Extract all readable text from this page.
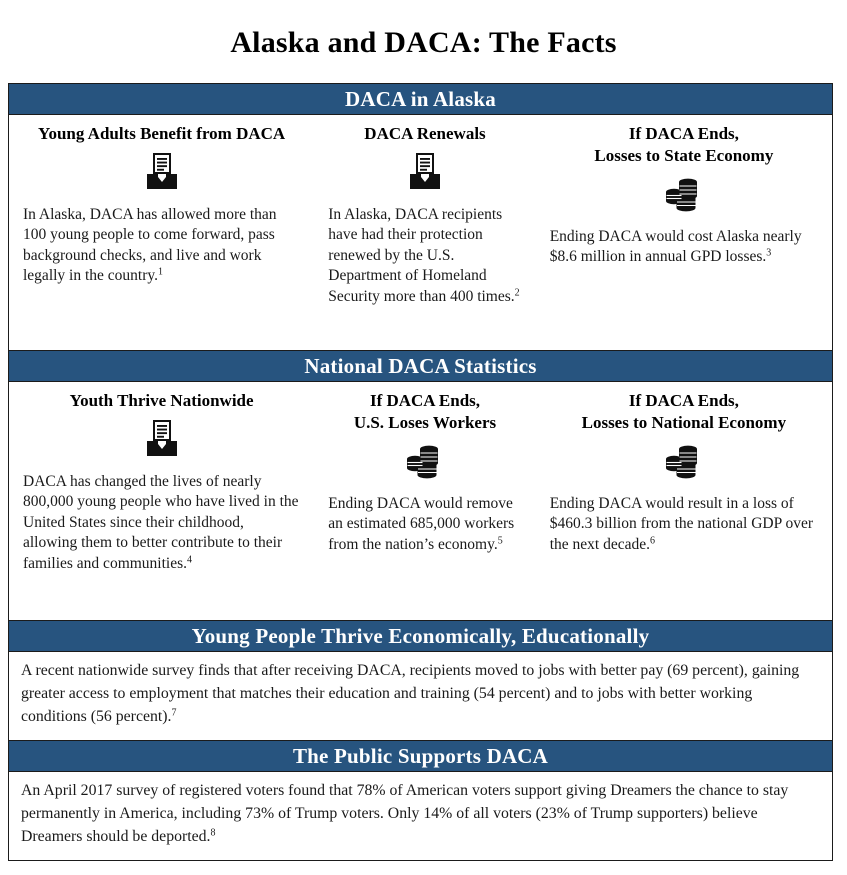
Alaska and DACA: The Facts
DACA in Alaska
Young Adults Benefit from DACA
In Alaska, DACA has allowed more than 100 young people to come forward, pass background checks, and live and work legally in the country.$^1$
DACA Renewals
In Alaska, DACA recipients have had their protection renewed by the U.S. Department of Homeland Security more than 400 times.$^2$
If DACA Ends,
Losses to State Economy
Ending DACA would cost Alaska nearly $8.6 million in annual GPD losses.$^3$
National DACA Statistics
Youth Thrive Nationwide
DACA has changed the lives of nearly 800,000 young people who have lived in the United States since their childhood, allowing them to better contribute to their families and communities.$^4$
If DACA Ends,
U.S. Loses Workers
Ending DACA would remove an estimated 685,000 workers from the nation’s economy.$^5$
If DACA Ends,
Losses to National Economy
Ending DACA would result in a loss of $460.3 billion from the national GDP over the next decade.$^6$
Young People Thrive Economically, Educationally
A recent nationwide survey finds that after receiving DACA, recipients moved to jobs with better pay (69 percent), gaining greater access to employment that matches their education and training (54 percent) and to jobs with better working conditions (56 percent).$^7$
The Public Supports DACA
An April 2017 survey of registered voters found that 78% of American voters support giving Dreamers the chance to stay permanently in America, including 73% of Trump voters. Only 14% of all voters (23% of Trump supporters) believe Dreamers should be deported.$^8$
